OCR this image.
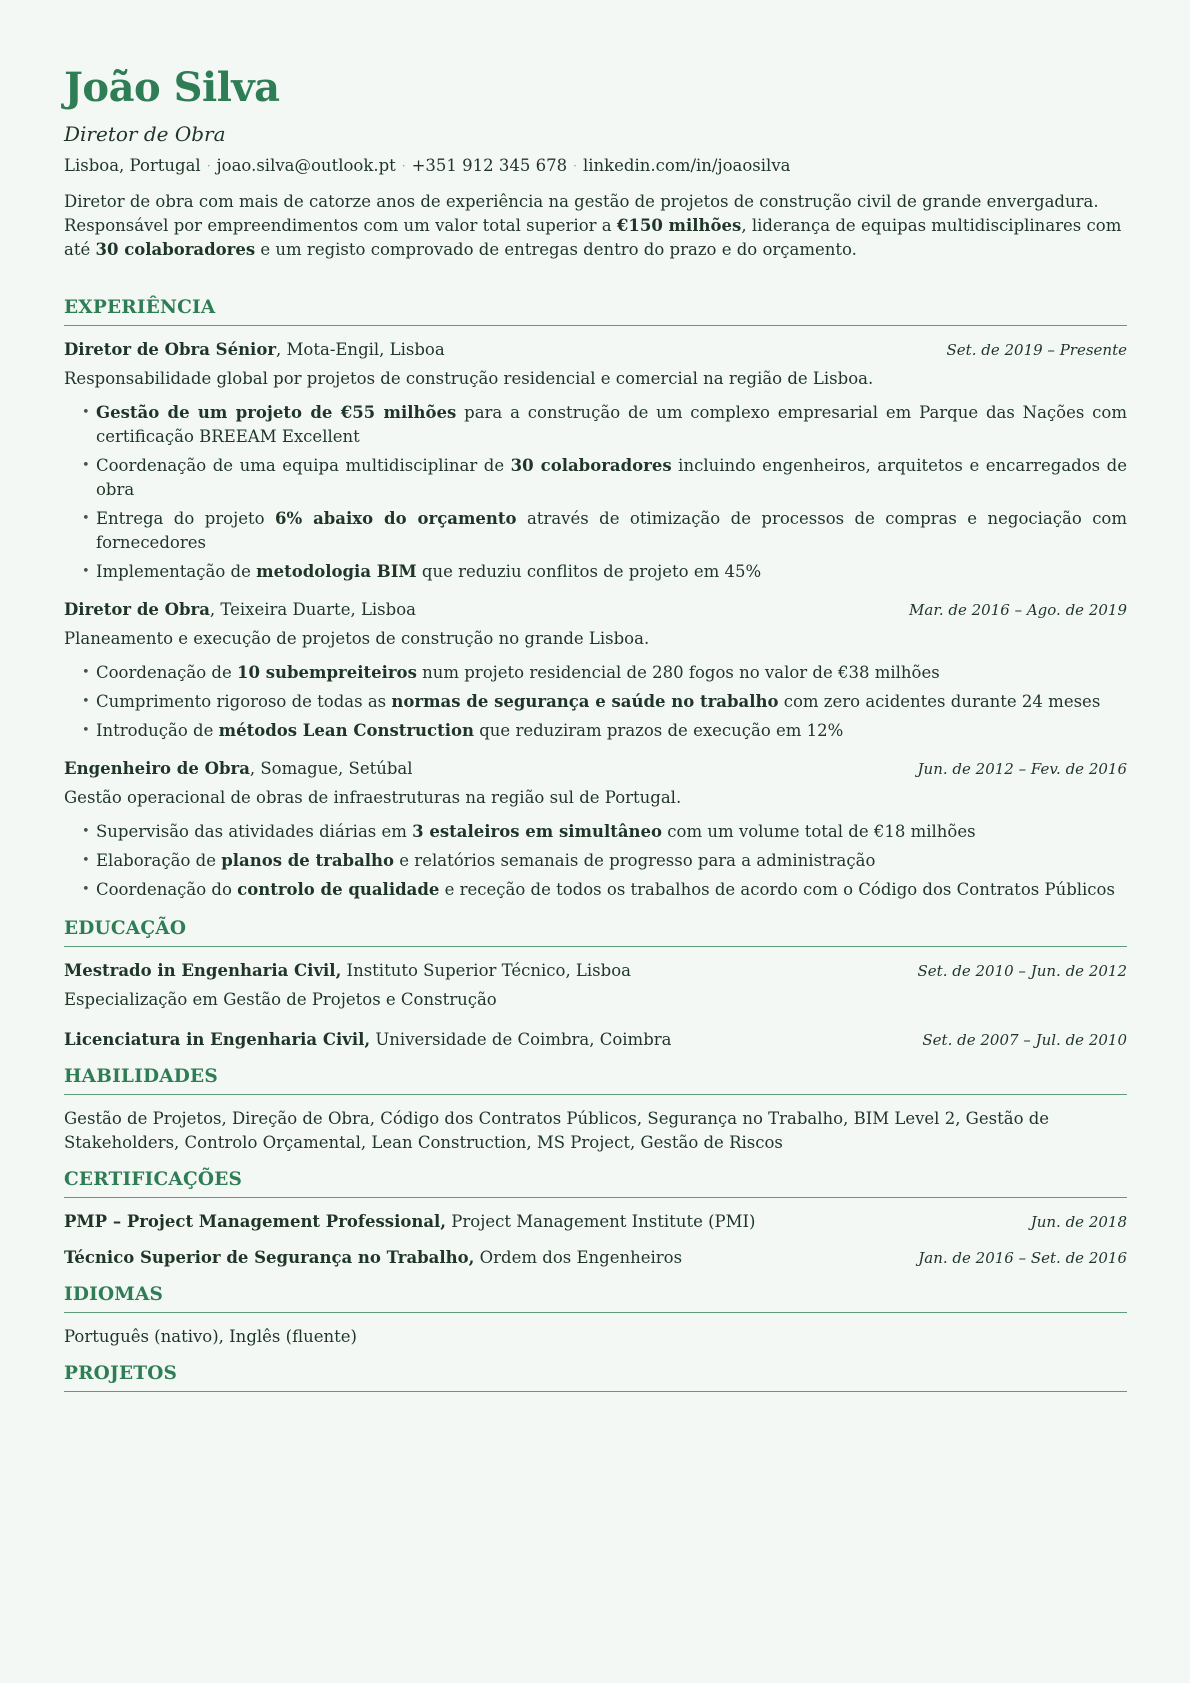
João Silva
Diretor de Obra
Lisboa, Portugal · joao.silva@outlook.pt · +351 912 345 678 · linkedin.com/in/joaosilva

Diretor de obra com mais de catorze anos de experiência na gestão de projetos de construção civil de grande envergadura. Responsável por empreendimentos com um valor total superior a €150 milhões, liderança de equipas multidisciplinares com até 30 colaboradores e um registo comprovado de entregas dentro do prazo e do orçamento.

EXPERIÊNCIA
Diretor de Obra Sénior, Mota-Engil, Lisboa	Set. de 2019 – Presente
Responsabilidade global por projetos de construção residencial e comercial na região de Lisboa.
• Gestão de um projeto de €55 milhões para a construção de um complexo empresarial em Parque das Nações com certificação BREEAM Excellent
• Coordenação de uma equipa multidisciplinar de 30 colaboradores incluindo engenheiros, arquitetos e encarregados de obra
• Entrega do projeto 6% abaixo do orçamento através de otimização de processos de compras e negociação com fornecedores
• Implementação de metodologia BIM que reduziu conflitos de projeto em 45%
Diretor de Obra, Teixeira Duarte, Lisboa	Mar. de 2016 – Ago. de 2019
Planeamento e execução de projetos de construção no grande Lisboa.
• Coordenação de 10 subempreiteiros num projeto residencial de 280 fogos no valor de €38 milhões
• Cumprimento rigoroso de todas as normas de segurança e saúde no trabalho com zero acidentes durante 24 meses
• Introdução de métodos Lean Construction que reduziram prazos de execução em 12%
Engenheiro de Obra, Somague, Setúbal	Jun. de 2012 – Fev. de 2016
Gestão operacional de obras de infraestruturas na região sul de Portugal.
• Supervisão das atividades diárias em 3 estaleiros em simultâneo com um volume total de €18 milhões
• Elaboração de planos de trabalho e relatórios semanais de progresso para a administração
• Coordenação do controlo de qualidade e receção de todos os trabalhos de acordo com o Código dos Contratos Públicos
EDUCAÇÃO
Mestrado in Engenharia Civil, Instituto Superior Técnico, Lisboa	Set. de 2010 – Jun. de 2012
Especialização em Gestão de Projetos e Construção
Licenciatura in Engenharia Civil, Universidade de Coimbra, Coimbra	Set. de 2007 – Jul. de 2010
HABILIDADES

Gestão de Projetos, Direção de Obra, Código dos Contratos Públicos, Segurança no Trabalho, BIM Level 2, Gestão de Stakeholders, Controlo Orçamental, Lean Construction, MS Project, Gestão de Riscos

CERTIFICAÇÕES
PMP – Project Management Professional, Project Management Institute (PMI)	Jun. de 2018
Técnico Superior de Segurança no Trabalho, Ordem dos Engenheiros	Jan. de 2016 – Set. de 2016
IDIOMAS

Português (nativo), Inglês (fluente)

PROJETOS
